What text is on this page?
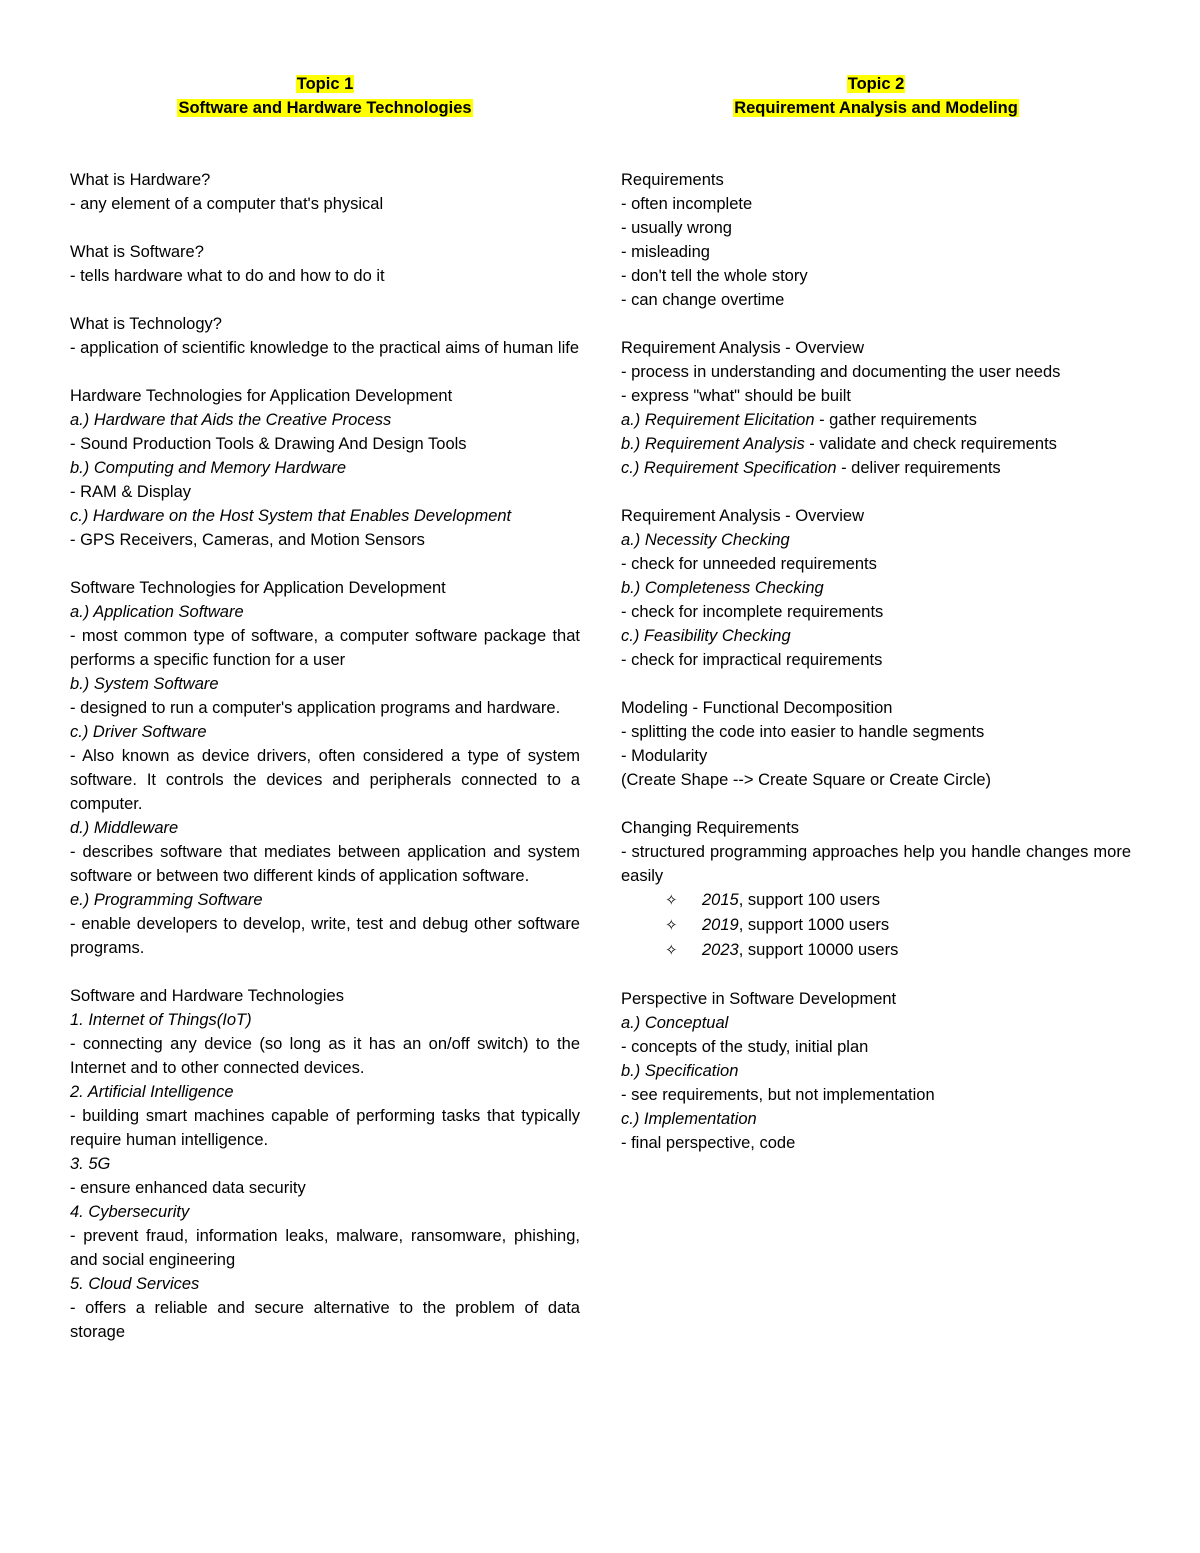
Topic 1

Software and Hardware Technologies

What is Hardware?
- any element of a computer that's physical
What is Software?
- tells hardware what to do and how to do it
What is Technology?
- application of scientific knowledge to the practical aims of human life
Hardware Technologies for Application Development
a.) Hardware that Aids the Creative Process
- Sound Production Tools & Drawing And Design Tools
b.) Computing and Memory Hardware
- RAM & Display
c.) Hardware on the Host System that Enables Development
- GPS Receivers, Cameras, and Motion Sensors
Software Technologies for Application Development
a.) Application Software
- most common type of software, a computer software package that performs a specific function for a user
b.) System Software
- designed to run a computer's application programs and hardware.
c.) Driver Software
- Also known as device drivers, often considered a type of system software. It controls the devices and peripherals connected to a computer.
d.) Middleware
- describes software that mediates between application and system software or between two different kinds of application software.
e.) Programming Software
- enable developers to develop, write, test and debug other software programs.
Software and Hardware Technologies
1. Internet of Things(IoT)
- connecting any device (so long as it has an on/off switch) to the Internet and to other connected devices.
2. Artificial Intelligence
- building smart machines capable of performing tasks that typically require human intelligence.
3. 5G
- ensure enhanced data security
4. Cybersecurity
- prevent fraud, information leaks, malware, ransomware, phishing, and social engineering
5. Cloud Services
- offers a reliable and secure alternative to the problem of data storage

Topic 2

Requirement Analysis and Modeling

Requirements
- often incomplete
- usually wrong
- misleading
- don't tell the whole story
- can change overtime
Requirement Analysis - Overview
- process in understanding and documenting the user needs
- express "what" should be built
a.) Requirement Elicitation - gather requirements
b.) Requirement Analysis - validate and check requirements
c.) Requirement Specification - deliver requirements
Requirement Analysis - Overview
a.) Necessity Checking
- check for unneeded requirements
b.) Completeness Checking
- check for incomplete requirements
c.) Feasibility Checking
- check for impractical requirements
Modeling - Functional Decomposition
- splitting the code into easier to handle segments
- Modularity
(Create Shape --> Create Square or Create Circle)
Changing Requirements
- structured programming approaches help you handle changes more easily
✧	2015, support 100 users
✧	2019, support 1000 users
✧	2023, support 10000 users
Perspective in Software Development
a.) Conceptual
- concepts of the study, initial plan
b.) Specification
- see requirements, but not implementation
c.) Implementation
- final perspective, code
